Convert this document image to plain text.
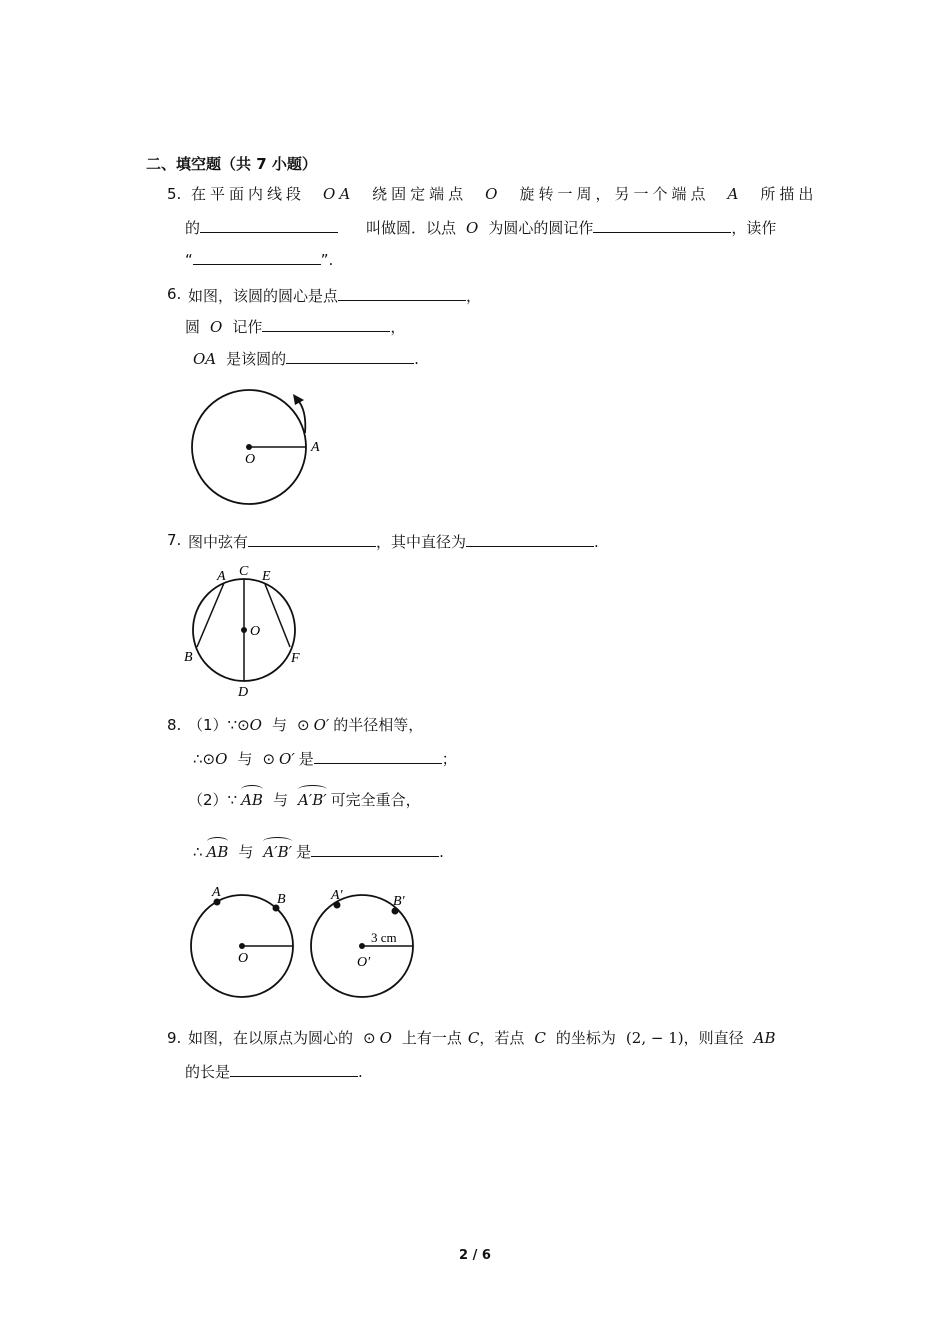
二、填空题（共 7 小题）
5. 在平面内线段 OA 绕固定端点 O 旋转一周，另一个端点 A 所描出
的	叫做圆．以点 O 为圆心的圆记作	，读作
“	”.
6. 如图，该圆的圆心是点	，
圆 O 记作	，
OA 是该圆的	.
O
A
7. 图中弦有	，其中直径为	.
A C E
O
B	F
D
8. （1）∵⊙O 与 ⊙ O′ 的半径相等，
∴⊙O 与 ⊙ O′ 是	；
（2）∵ AB 与 A′B′ 可完全重合，
∴ AB 与 A′B′ 是	.
O
A	B
O′
A′	B′
3 cm
9. 如图，在以原点为圆心的 ⊙ O 上有一点 C，若点 C 的坐标为 (2, − 1)，则直径 AB
的长是	.
2 / 6
